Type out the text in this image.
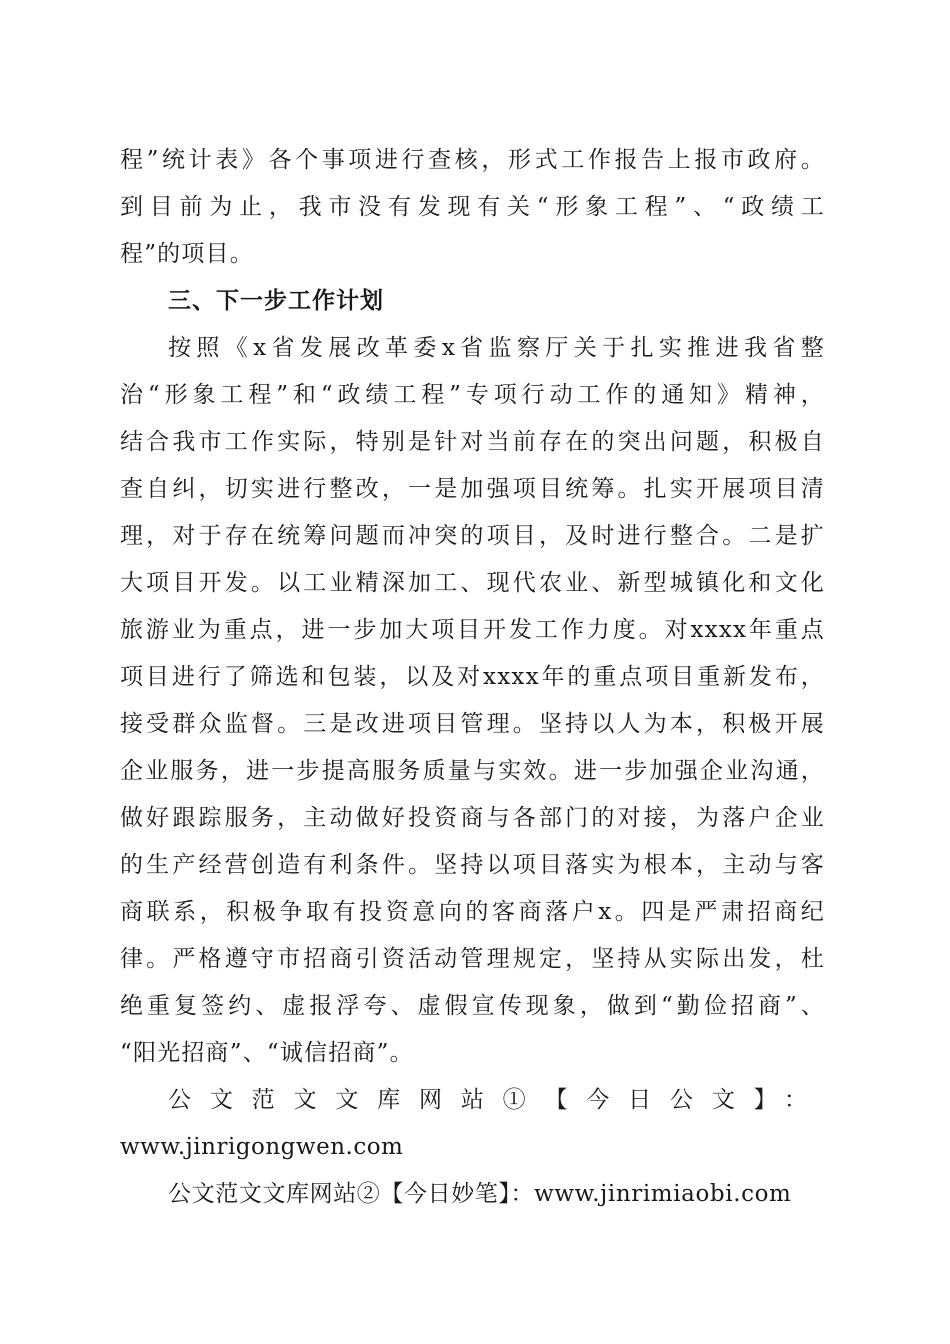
程”统计表》各个事项进行查核，形式工作报告上报市政府。
到目前为止，我市没有发现有关“形象工程”、“政绩工
程”的项目。
三、下一步工作计划
按照《x省发展改革委x省监察厅关于扎实推进我省整
治“形象工程”和“政绩工程”专项行动工作的通知》精神，
结合我市工作实际，特别是针对当前存在的突出问题，积极自
查自纠，切实进行整改，一是加强项目统筹。扎实开展项目清
理，对于存在统筹问题而冲突的项目，及时进行整合。二是扩
大项目开发。以工业精深加工、现代农业、新型城镇化和文化
旅游业为重点，进一步加大项目开发工作力度。对xxxx年重点
项目进行了筛选和包装，以及对xxxx年的重点项目重新发布，
接受群众监督。三是改进项目管理。坚持以人为本，积极开展
企业服务，进一步提高服务质量与实效。进一步加强企业沟通，
做好跟踪服务，主动做好投资商与各部门的对接，为落户企业
的生产经营创造有利条件。坚持以项目落实为根本，主动与客
商联系，积极争取有投资意向的客商落户x。四是严肃招商纪
律。严格遵守市招商引资活动管理规定，坚持从实际出发，杜
绝重复签约、虚报浮夸、虚假宣传现象，做到“勤俭招商”、
“阳光招商”、“诚信招商”。
公文范文文库网站①【今日公文】：
www.jinrigongwen.com
公文范文文库网站②【今日妙笔】：www.jinrimiaobi.com
